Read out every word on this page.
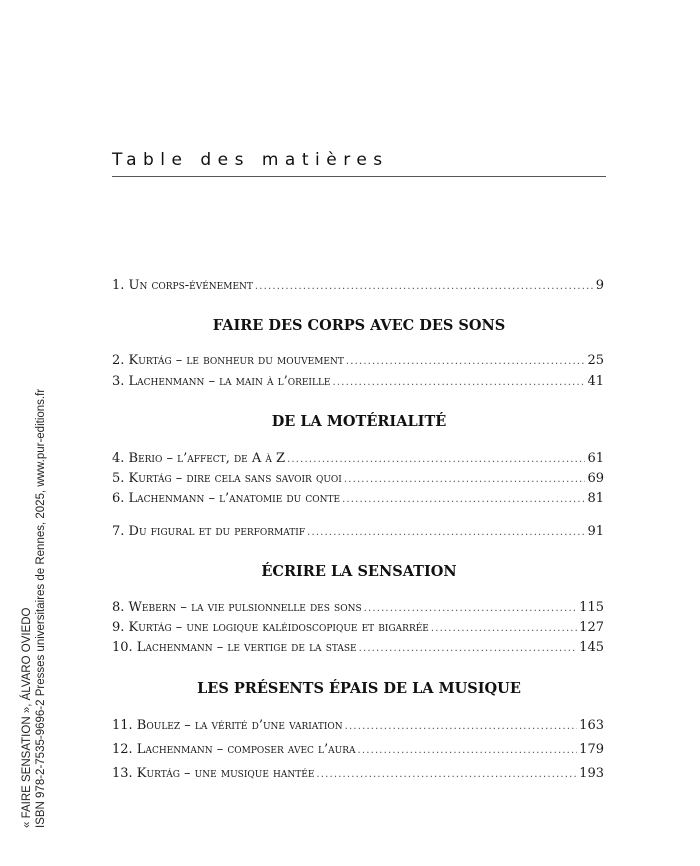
« FAIRE SENSATION », ÁLVARO OVIEDO ISBN 978-2-7535-9696-2 Presses universitaires de Rennes, 2025, www.pur-editions.fr
Table des matières
FAIRE DES CORPS AVEC DES SONS
DE LA MOTÉRIALITÉ
ÉCRIRE LA SENSATION
LES PRÉSENTS ÉPAIS DE LA MUSIQUE
1. Un corps-événement . . .	9
2. Kurtág – le bonheur du mouvement . . .	25
3. Lachenmann – la main à l’oreille . . .	41
4. Berio – l’affect, de A à Z . . .	61
5. Kurtág – dire cela sans savoir quoi . . .	69
6. Lachenmann – l’anatomie du conte . . .	81
7. Du figural et du performatif . . .	91
8. Webern – la vie pulsionnelle des sons . . .	115
9. Kurtág – une logique kaléidoscopique et bigarrée . . .	127
10. Lachenmann – le vertige de la stase . . .	145
11. Boulez – la vérité d’une variation . . .	163
12. Lachenmann – composer avec l’aura . . .	179
13. Kurtág – une musique hantée . . .	193
